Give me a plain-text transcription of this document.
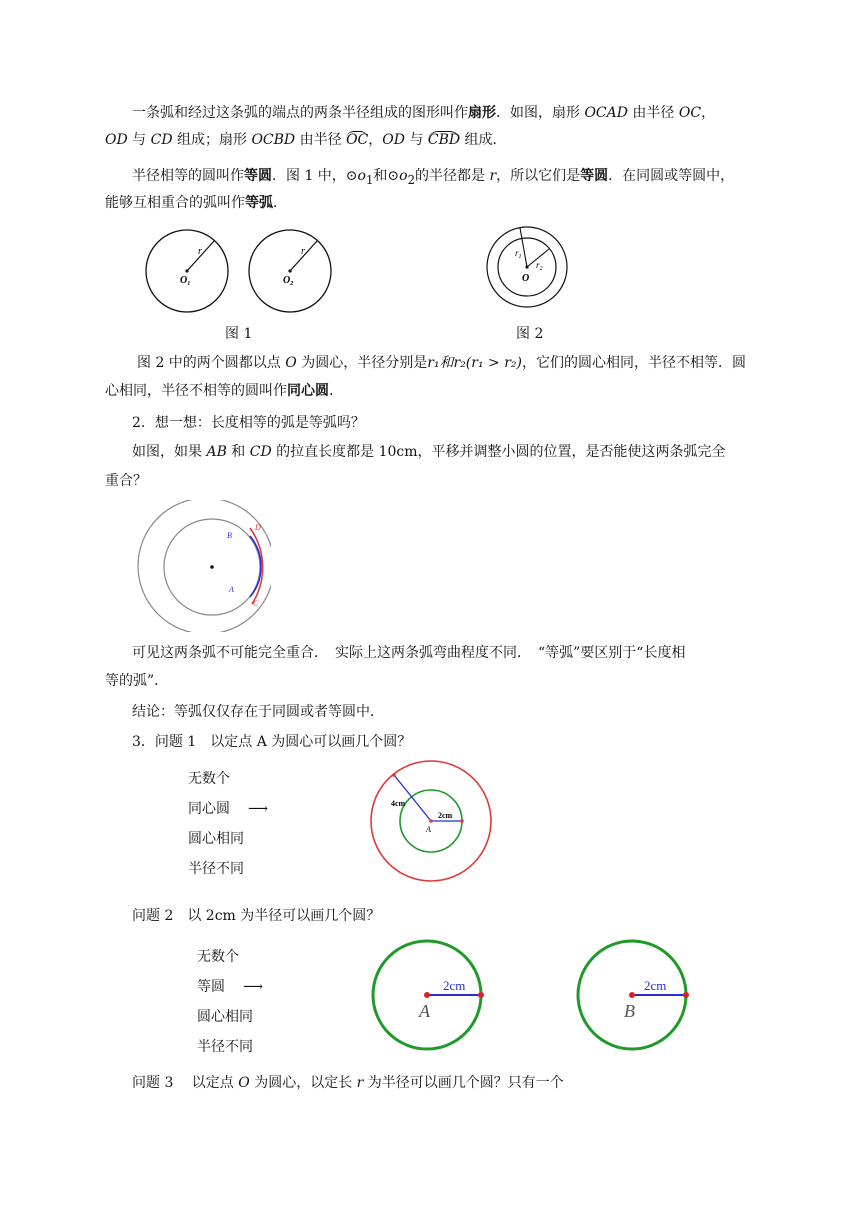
一条弧和经过这条弧的端点的两条半径组成的图形叫作扇形．如图，扇形 OCAD 由半径 OC，
OD 与 CD 组成；扇形 OCBD 由半径 OC，OD 与 CBD 组成．
半径相等的圆叫作等圆．图 1 中，$⊙o_1$和$⊙o_2$的半径都是 r，所以它们是等圆．在同圆或等圆中，
能够互相重合的弧叫作等弧．
r
$O_1$
r
$O_2$
图 1
$r_1$
$r_2$
O
图 2
图 2 中的两个圆都以点 O 为圆心，半径分别是r₁和r₂(r₁ > r₂)，它们的圆心相同，半径不相等．圆
心相同，半径不相等的圆叫作同心圆．
2．想一想：长度相等的弧是等弧吗？
如图，如果 AB 和 CD 的拉直长度都是 10cm，平移并调整小圆的位置，是否能使这两条弧完全
重合？
B
D
A
C
可见这两条弧不可能完全重合．　实际上这两条弧弯曲程度不同．　“等弧”要区别于“长度相
等的弧”．
结论：等弧仅仅存在于同圆或者等圆中．
3．问题 1　以定点 A 为圆心可以画几个圆？
无数个
同心圆 ⟶
圆心相同
半径不同
4cm
2cm
A
问题 2　以 2cm 为半径可以画几个圆？
无数个
等圆 ⟶
圆心相同
半径不同
2cm
A
2cm
B
问题 3　 以定点 O 为圆心，以定长 r 为半径可以画几个圆？只有一个
